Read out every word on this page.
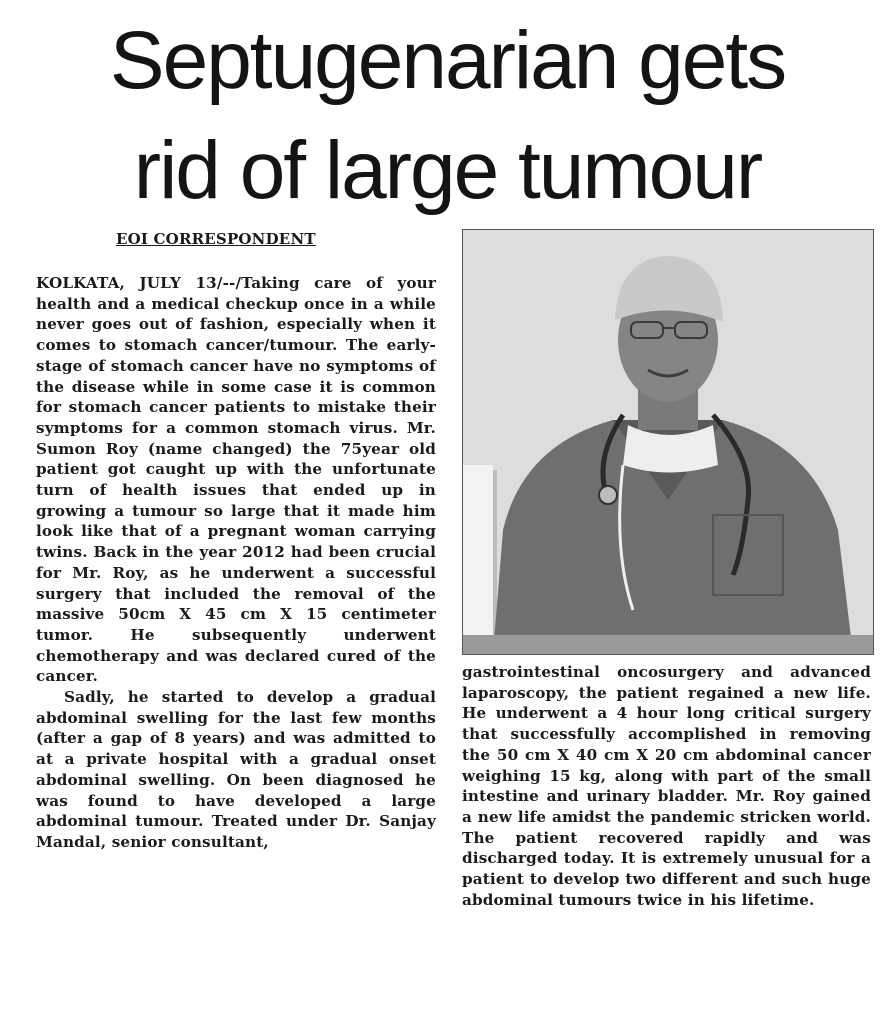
Septugenarian gets
rid of large tumour

EOI CORRESPONDENT

KOLKATA, JULY 13/--/Taking care of your health and a medical checkup once in a while never goes out of fashion, especially when it comes to stomach cancer/tumour. The early-stage of stomach cancer have no symptoms of the disease while in some case it is common for stomach cancer patients to mistake their symptoms for a common stomach virus. Mr. Sumon Roy (name changed) the 75year old patient got caught up with the unfortunate turn of health issues that ended up in growing a tumour so large that it made him look like that of a pregnant woman carrying twins. Back in the year 2012 had been crucial for Mr. Roy, as he underwent a successful surgery that included the removal of the massive 50cm X 45 cm X 15 centimeter tumor. He subsequently underwent chemotherapy and was declared cured of the cancer.

Sadly, he started to develop a gradual abdominal swelling for the last few months (after a gap of 8 years) and was admitted to at a private hospital with a gradual onset abdominal swelling. On been diagnosed he was found to have developed a large abdominal tumour. Treated under Dr. Sanjay Mandal, senior consultant,

gastrointestinal oncosurgery and advanced laparoscopy, the patient regained a new life. He underwent a 4 hour long critical surgery that successfully accomplished in removing the 50 cm X 40 cm X 20 cm abdominal cancer weighing 15 kg, along with part of the small intestine and urinary bladder. Mr. Roy gained a new life amidst the pandemic stricken world. The patient recovered rapidly and was discharged today. It is extremely unusual for a patient to develop two different and such huge abdominal tumours twice in his lifetime.
